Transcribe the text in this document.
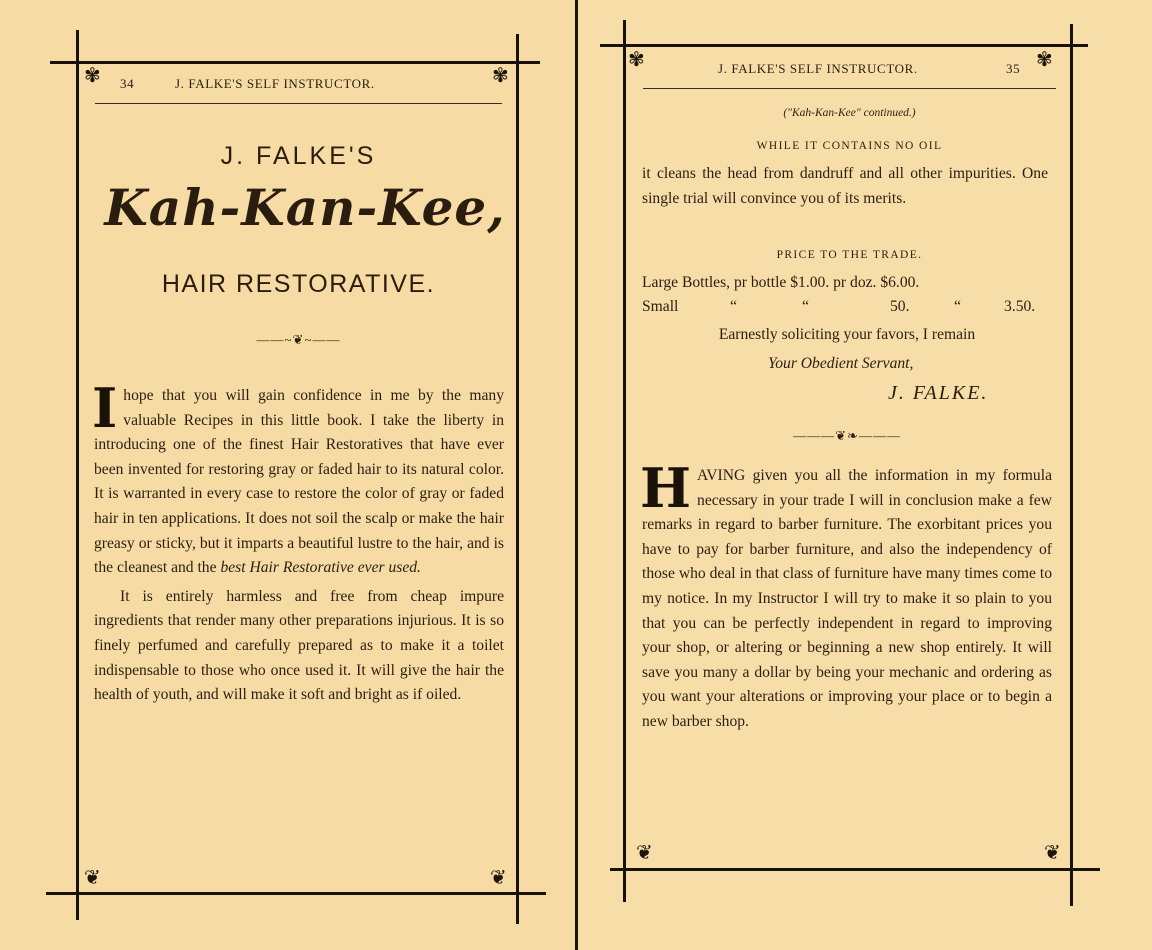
✾	✾
❦	❦
34	J. FALKE'S SELF INSTRUCTOR.
J. FALKE'S
Kah-Kan-Kee,
HAIR RESTORATIVE.
——~❦~——

I hope that you will gain confidence in me by the many valuable Recipes in this little book. I take the liberty in introducing one of the finest Hair Restoratives that have ever been invented for restoring gray or faded hair to its natural color. It is warranted in every case to restore the color of gray or faded hair in ten applications. It does not soil the scalp or make the hair greasy or sticky, but it imparts a beautiful lustre to the hair, and is the cleanest and the best Hair Restorative ever used.

It is entirely harmless and free from cheap impure ingredients that render many other preparations injurious. It is so finely perfumed and carefully prepared as to make it a toilet indispensable to those who once used it. It will give the hair the health of youth, and will make it soft and bright as if oiled.

✾	✾
❦	❦
J. FALKE'S SELF INSTRUCTOR.	35
("Kah-Kan-Kee" continued.)
WHILE IT CONTAINS NO OIL
it cleans the head from dandruff and all other impurities. One single trial will convince you of its merits.
PRICE TO THE TRADE.
Large Bottles, pr bottle $1.00. pr doz. $6.00.
Small	“	“	50.	“	3.50.
Earnestly soliciting your favors, I remain
Your Obedient Servant,
J. FALKE.
———❦❧———
HAVING given you all the information in my formula necessary in your trade I will in conclusion make a few remarks in regard to barber furniture. The exorbitant prices you have to pay for barber furniture, and also the independency of those who deal in that class of furniture have many times come to my notice. In my Instructor I will try to make it so plain to you that you can be perfectly independent in regard to improving your shop, or altering or beginning a new shop entirely. It will save you many a dollar by being your mechanic and ordering as you want your alterations or improving your place or to begin a new barber shop.
